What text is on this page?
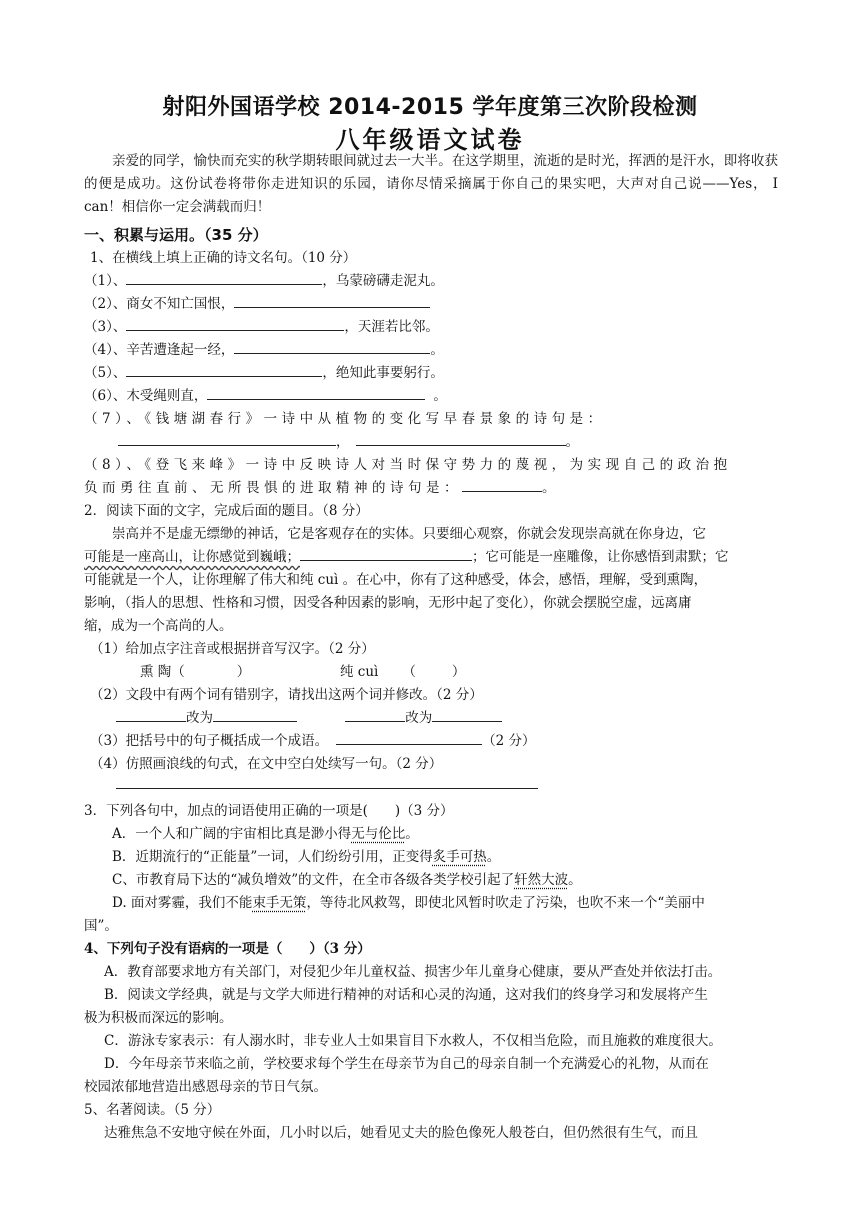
射阳外国语学校 2014-2015 学年度第三次阶段检测
八年级语文试卷
亲爱的同学，愉快而充实的秋学期转眼间就过去一大半。在这学期里，流逝的是时光，挥洒的是汗水，即将收获的便是成功。这份试卷将带你走进知识的乐园，请你尽情采摘属于你自己的果实吧，大声对自己说——Yes， I can！相信你一定会满载而归！
一、积累与运用。（35 分）
1、在横线上填上正确的诗文名句。（10 分）
（1）、	，乌蒙磅礴走泥丸。
（2）、商女不知亡国恨，
（3）、	，天涯若比邻。
（4）、辛苦遭逢起一经，	。
（5）、	，绝知此事要躬行。
（6）、木受绳则直，	。
（7）、《钱塘湖春行》一诗中从植物的变化写早春景象的诗句是：
，	。
（8）、《登飞来峰》一诗中反映诗人对当时保守势力的蔑视，为实现自己的政治抱
负而勇往直前、无所畏惧的进取精神的诗句是：	。
2．阅读下面的文字，完成后面的题目。（8 分）
崇高并不是虚无缥缈的神话，它是客观存在的实体。只要细心观察，你就会发现崇高就在你身边，它
可能是一座高山，让你感觉到巍峨；	；它可能是一座雕像，让你感悟到肃默；它
可能就是一个人，让你理解了伟大和纯 cuì 。在心中，你有了这种感受，体会，感悟，理解，受到熏陶，
影响，（指人的思想、性格和习惯，因受各种因素的影响，无形中起了变化），你就会摆脱空虚，远离庸
缩，成为一个高尚的人。
（1）给加点字注音或根据拼音写汉字。（2 分）
熏 陶（	）	纯 cuì （	）
（2）文段中有两个词有错别字，请找出这两个词并修改。（2 分）
改为	改为
（3）把括号中的句子概括成一个成语。	（2 分）
（4）仿照画浪线的句式，在文中空白处续写一句。（2 分）
3．下列各句中，加点的词语使用正确的一项是(　　)（3 分）
A．一个人和广阔的宇宙相比真是渺小得无与伦比。
B．近期流行的“正能量”一词，人们纷纷引用，正变得炙手可热。
C、市教育局下达的“减负增效”的文件，在全市各级各类学校引起了轩然大波。
D. 面对雾霾，我们不能束手无策，等待北风救驾，即使北风暂时吹走了污染，也吹不来一个“美丽中
国”。
4、下列句子没有语病的一项是（　　）（3 分）
A．教育部要求地方有关部门，对侵犯少年儿童权益、损害少年儿童身心健康，要从严查处并依法打击。
B．阅读文学经典，就是与文学大师进行精神的对话和心灵的沟通，这对我们的终身学习和发展将产生
极为积极而深远的影响。
C．游泳专家表示：有人溺水时，非专业人士如果盲目下水救人，不仅相当危险，而且施救的难度很大。
D．今年母亲节来临之前，学校要求每个学生在母亲节为自己的母亲自制一个充满爱心的礼物，从而在
校园浓郁地营造出感恩母亲的节日气氛。
5、名著阅读。（5 分）
达雅焦急不安地守候在外面，几小时以后，她看见丈夫的脸色像死人般苍白，但仍然很有生气，而且
